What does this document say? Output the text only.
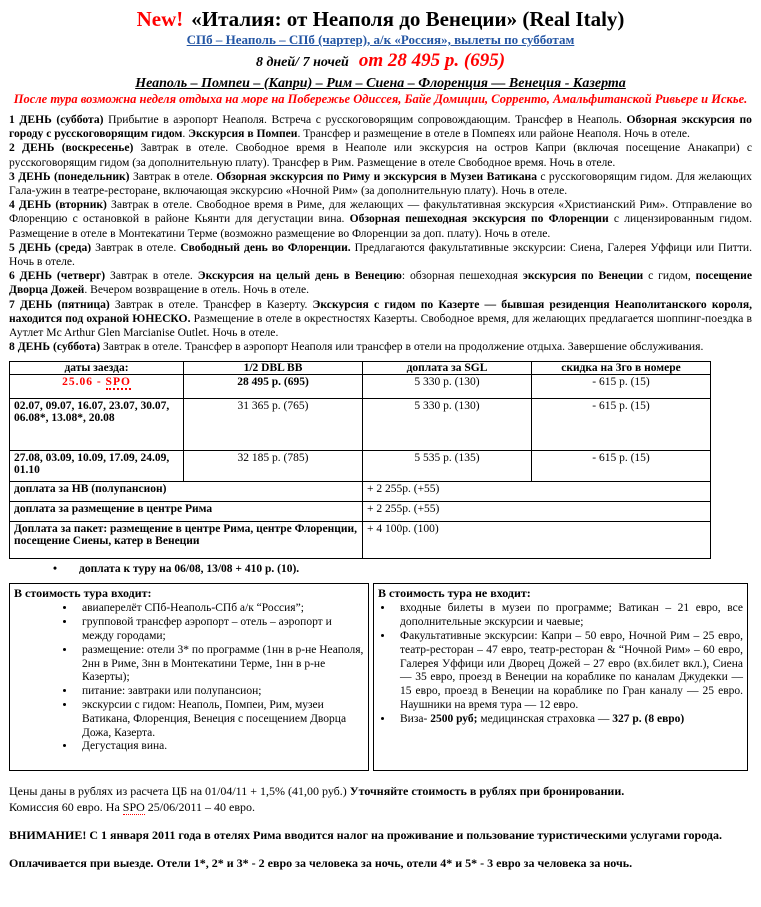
New! «Италия: от Неаполя до Венеции» (Real Italy)
СПб – Неаполь – СПб (чартер), а/к «Россия», вылеты по субботам
8 дней/ 7 ночей от 28 495 р. (695)
Неаполь – Помпеи – (Капри) – Рим – Сиена – Флоренция — Венеция - Казерта
После тура возможна неделя отдыха на море на Побережье Одиссея, Байе Домиции, Сорренто, Амальфитанской Ривьере и Искье.

1 ДЕНЬ (суббота) Прибытие в аэропорт Неаполя. Встреча с русскоговорящим сопровождающим. Трансфер в Неаполь. Обзорная экскурсия по городу с русскоговорящим гидом. Экскурсия в Помпеи. Трансфер и размещение в отеле в Помпеях или районе Неаполя. Ночь в отеле.

2 ДЕНЬ (воскресенье) Завтрак в отеле. Свободное время в Неаполе или экскурсия на остров Капри (включая посещение Анакапри) с русскоговорящим гидом (за дополнительную плату). Трансфер в Рим. Размещение в отеле Свободное время. Ночь в отеле.

3 ДЕНЬ (понедельник) Завтрак в отеле. Обзорная экскурсия по Риму и экскурсия в Музеи Ватикана с русскоговорящим гидом. Для желающих Гала-ужин в театре-ресторане, включающая экскурсию «Ночной Рим» (за дополнительную плату). Ночь в отеле.

4 ДЕНЬ (вторник) Завтрак в отеле. Свободное время в Риме, для желающих — факультативная экскурсия «Христианский Рим». Отправление во Флоренцию с остановкой в районе Кьянти для дегустации вина. Обзорная пешеходная экскурсия по Флоренции с лицензированным гидом. Размещение в отеле в Монтекатини Терме (возможно размещение во Флоренции за доп. плату). Ночь в отеле.

5 ДЕНЬ (среда) Завтрак в отеле. Свободный день во Флоренции. Предлагаются факультативные экскурсии: Сиена, Галерея Уффици или Питти. Ночь в отеле.

6 ДЕНЬ (четверг) Завтрак в отеле. Экскурсия на целый день в Венецию: обзорная пешеходная экскурсия по Венеции с гидом, посещение Дворца Дожей. Вечером возвращение в отель. Ночь в отеле.

7 ДЕНЬ (пятница) Завтрак в отеле. Трансфер в Казерту. Экскурсия с гидом по Казерте — бывшая резиденция Неаполитанского короля, находится под охраной ЮНЕСКО. Размещение в отеле в окрестностях Казерты. Свободное время, для желающих предлагается шоппинг-поездка в Аутлет Mc Arthur Glen Marcianise Outlet. Ночь в отеле.

8 ДЕНЬ (суббота) Завтрак в отеле. Трансфер в аэропорт Неаполя или трансфер в отели на продолжение отдыха. Завершение обслуживания.

даты заезда:	1/2 DBL BB	доплата за SGL	скидка на 3го в номере
25.06 - SPO	28 495 р. (695)	5 330 р. (130)	- 615 р. (15)
02.07, 09.07, 16.07, 23.07, 30.07, 06.08*, 13.08*, 20.08	31 365 р. (765)	5 330 р. (130)	- 615 р. (15)
27.08, 03.09, 10.09, 17.09, 24.09, 01.10	32 185 р. (785)	5 535 р. (135)	- 615 р. (15)
доплата за НВ (полупансион)		+ 2 255р. (+55)	
доплата за размещение в центре Рима		+ 2 255р. (+55)	
Доплата за пакет: размещение в центре Рима, центре Флоренции, посещение Сиены, катер в Венеции		+ 4 100р. (100)	
• доплата к туру на 06/08, 13/08 + 410 р. (10).
В стоимость тура входит:
• авиаперелёт СПб-Неаполь-СПб а/к “Россия”;
• групповой трансфер аэропорт – отель – аэропорт и между городами;
• размещение: отели 3* по программе (1нн в р-не Неаполя, 2нн в Риме, 3нн в Монтекатини Терме, 1нн в р-не Казерты);
• питание: завтраки или полупансион;
• экскурсии с гидом: Неаполь, Помпеи, Рим, музеи Ватикана, Флоренция, Венеция с посещением Дворца Дожа, Казерта.
• Дегустация вина.
В стоимость тура не входит:
• входные билеты в музеи по программе; Ватикан – 21 евро, все дополнительные экскурсии и чаевые;
• Факультативные экскурсии: Капри – 50 евро, Ночной Рим – 25 евро, театр-ресторан – 47 евро, театр-ресторан & “Ночной Рим» – 60 евро, Галерея Уффици или Дворец Дожей – 27 евро (вх.билет вкл.), Сиена — 35 евро, проезд в Венеции на кораблике по каналам Джудекки — 15 евро, проезд в Венеции на кораблике по Гран каналу — 25 евро. Наушники на время тура — 12 евро.
• Виза- 2500 руб; медицинская страховка — 327 р. (8 евро)
Цены даны в рублях из расчета ЦБ на 01/04/11 + 1,5% (41,00 руб.) Уточняйте стоимость в рублях при бронировании.
Комиссия 60 евро. На SPO 25/06/2011 – 40 евро.
ВНИМАНИЕ! С 1 января 2011 года в отелях Рима вводится налог на проживание и пользование туристическими услугами города.
Оплачивается при выезде. Отели 1*, 2* и 3* - 2 евро за человека за ночь, отели 4* и 5* - 3 евро за человека за ночь.
